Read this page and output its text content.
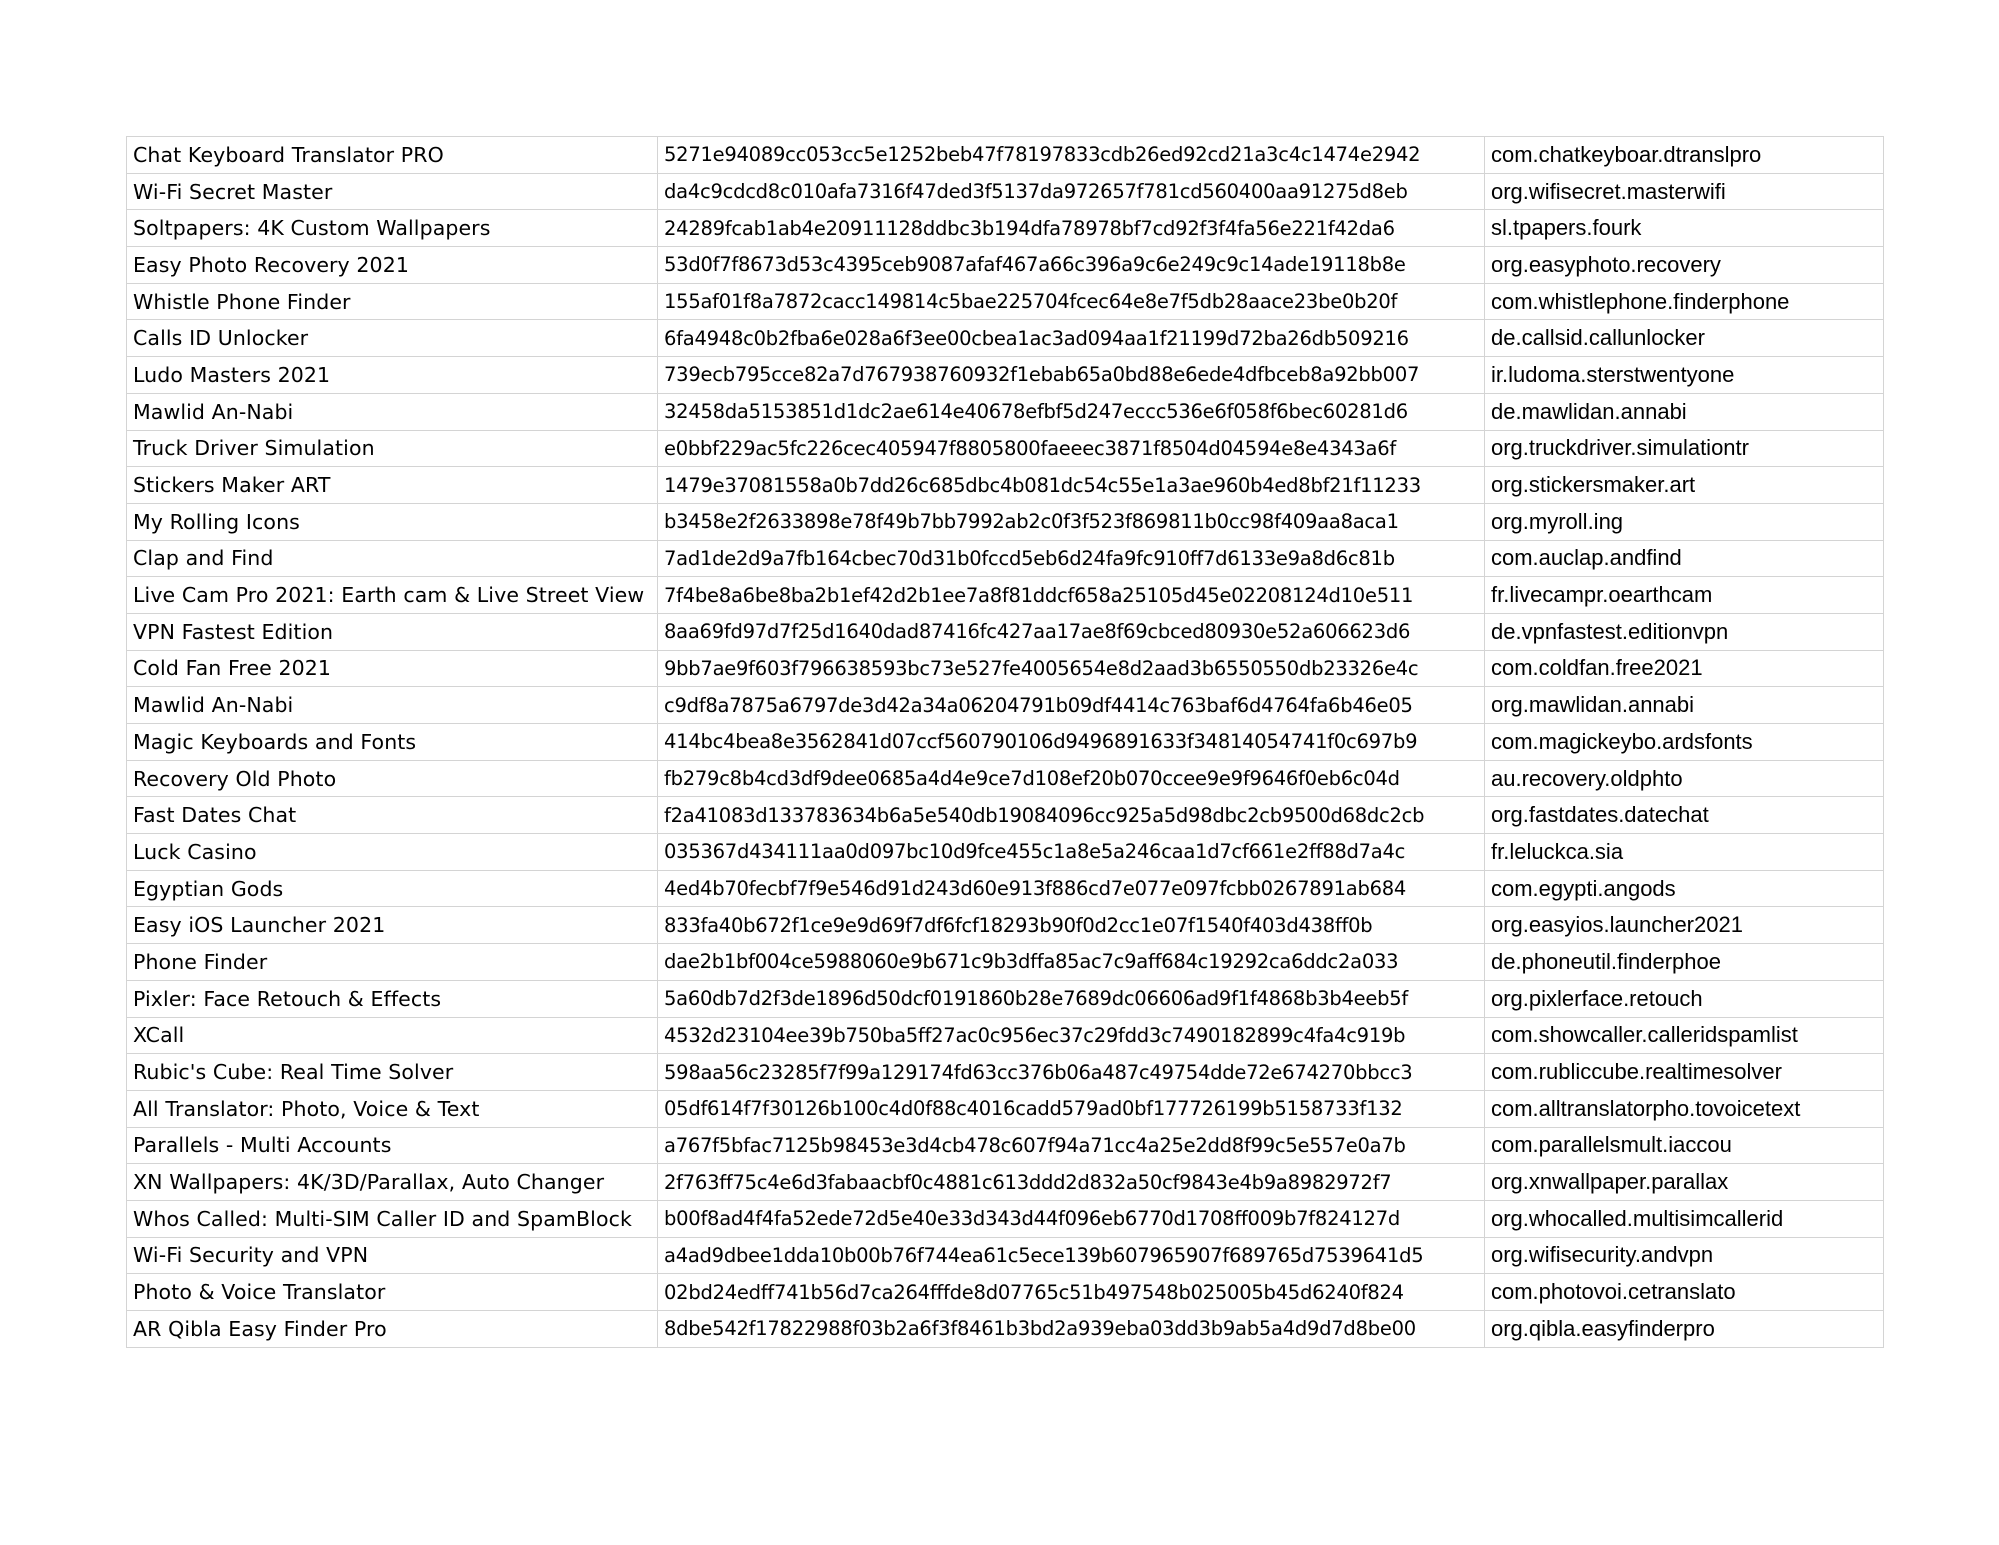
Chat Keyboard Translator PRO	5271e94089cc053cc5e1252beb47f78197833cdb26ed92cd21a3c4c1474e2942	com.chatkeyboar.dtranslpro
Wi-Fi Secret Master	da4c9cdcd8c010afa7316f47ded3f5137da972657f781cd560400aa91275d8eb	org.wifisecret.masterwifi
Soltpapers: 4K Custom Wallpapers	24289fcab1ab4e20911128ddbc3b194dfa78978bf7cd92f3f4fa56e221f42da6	sl.tpapers.fourk
Easy Photo Recovery 2021	53d0f7f8673d53c4395ceb9087afaf467a66c396a9c6e249c9c14ade19118b8e	org.easyphoto.recovery
Whistle Phone Finder	155af01f8a7872cacc149814c5bae225704fcec64e8e7f5db28aace23be0b20f	com.whistlephone.finderphone
Calls ID Unlocker	6fa4948c0b2fba6e028a6f3ee00cbea1ac3ad094aa1f21199d72ba26db509216	de.callsid.callunlocker
Ludo Masters 2021	739ecb795cce82a7d767938760932f1ebab65a0bd88e6ede4dfbceb8a92bb007	ir.ludoma.sterstwentyone
Mawlid An-Nabi	32458da5153851d1dc2ae614e40678efbf5d247eccc536e6f058f6bec60281d6	de.mawlidan.annabi
Truck Driver Simulation	e0bbf229ac5fc226cec405947f8805800faeeec3871f8504d04594e8e4343a6f	org.truckdriver.simulationtr
Stickers Maker ART	1479e37081558a0b7dd26c685dbc4b081dc54c55e1a3ae960b4ed8bf21f11233	org.stickersmaker.art
My Rolling Icons	b3458e2f2633898e78f49b7bb7992ab2c0f3f523f869811b0cc98f409aa8aca1	org.myroll.ing
Clap and Find	7ad1de2d9a7fb164cbec70d31b0fccd5eb6d24fa9fc910ff7d6133e9a8d6c81b	com.auclap.andfind
Live Cam Pro 2021: Earth cam & Live Street View	7f4be8a6be8ba2b1ef42d2b1ee7a8f81ddcf658a25105d45e02208124d10e511	fr.livecampr.oearthcam
VPN Fastest Edition	8aa69fd97d7f25d1640dad87416fc427aa17ae8f69cbced80930e52a606623d6	de.vpnfastest.editionvpn
Cold Fan Free 2021	9bb7ae9f603f796638593bc73e527fe4005654e8d2aad3b6550550db23326e4c	com.coldfan.free2021
Mawlid An-Nabi	c9df8a7875a6797de3d42a34a06204791b09df4414c763baf6d4764fa6b46e05	org.mawlidan.annabi
Magic Keyboards and Fonts	414bc4bea8e3562841d07ccf560790106d9496891633f34814054741f0c697b9	com.magickeybo.ardsfonts
Recovery Old Photo	fb279c8b4cd3df9dee0685a4d4e9ce7d108ef20b070ccee9e9f9646f0eb6c04d	au.recovery.oldphto
Fast Dates Chat	f2a41083d133783634b6a5e540db19084096cc925a5d98dbc2cb9500d68dc2cb	org.fastdates.datechat
Luck Casino	035367d434111aa0d097bc10d9fce455c1a8e5a246caa1d7cf661e2ff88d7a4c	fr.leluckca.sia
Egyptian Gods	4ed4b70fecbf7f9e546d91d243d60e913f886cd7e077e097fcbb0267891ab684	com.egypti.angods
Easy iOS Launcher 2021	833fa40b672f1ce9e9d69f7df6fcf18293b90f0d2cc1e07f1540f403d438ff0b	org.easyios.launcher2021
Phone Finder	dae2b1bf004ce5988060e9b671c9b3dffa85ac7c9aff684c19292ca6ddc2a033	de.phoneutil.finderphoe
Pixler: Face Retouch & Effects	5a60db7d2f3de1896d50dcf0191860b28e7689dc06606ad9f1f4868b3b4eeb5f	org.pixlerface.retouch
XCall	4532d23104ee39b750ba5ff27ac0c956ec37c29fdd3c7490182899c4fa4c919b	com.showcaller.calleridspamlist
Rubic's Cube: Real Time Solver	598aa56c23285f7f99a129174fd63cc376b06a487c49754dde72e674270bbcc3	com.rubliccube.realtimesolver
All Translator: Photo, Voice & Text	05df614f7f30126b100c4d0f88c4016cadd579ad0bf177726199b5158733f132	com.alltranslatorpho.tovoicetext
Parallels - Multi Accounts	a767f5bfac7125b98453e3d4cb478c607f94a71cc4a25e2dd8f99c5e557e0a7b	com.parallelsmult.iaccou
XN Wallpapers: 4K/3D/Parallax, Auto Changer	2f763ff75c4e6d3fabaacbf0c4881c613ddd2d832a50cf9843e4b9a8982972f7	org.xnwallpaper.parallax
Whos Called: Multi-SIM Caller ID and SpamBlock	b00f8ad4f4fa52ede72d5e40e33d343d44f096eb6770d1708ff009b7f824127d	org.whocalled.multisimcallerid
Wi-Fi Security and VPN	a4ad9dbee1dda10b00b76f744ea61c5ece139b607965907f689765d7539641d5	org.wifisecurity.andvpn
Photo & Voice Translator	02bd24edff741b56d7ca264fffde8d07765c51b497548b025005b45d6240f824	com.photovoi.cetranslato
AR Qibla Easy Finder Pro	8dbe542f17822988f03b2a6f3f8461b3bd2a939eba03dd3b9ab5a4d9d7d8be00	org.qibla.easyfinderpro
